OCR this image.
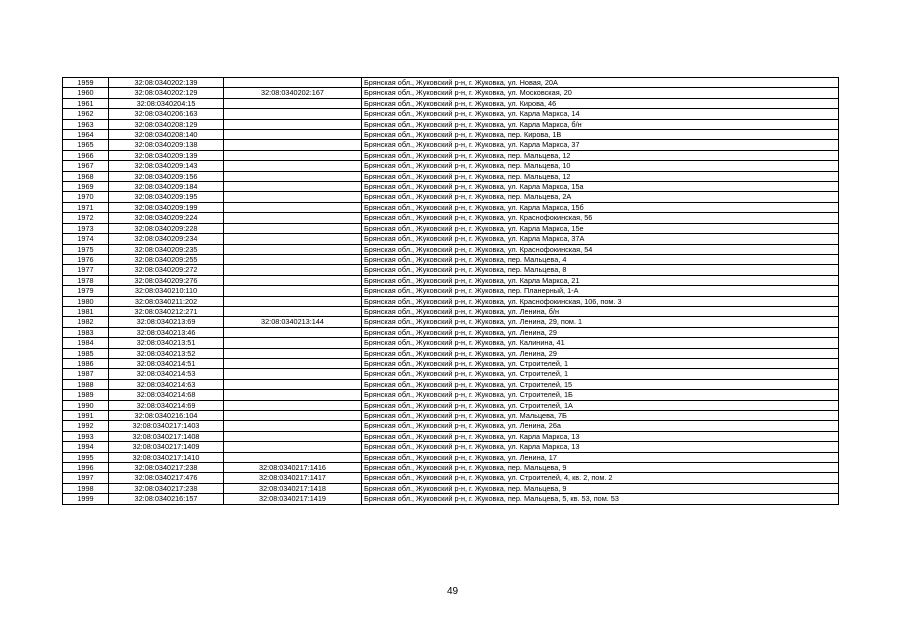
1959	32:08:0340202:139		Брянская обл., Жуковский р-н, г. Жуковка, ул. Новая, 20А
1960	32:08:0340202:129	32:08:0340202:167	Брянская обл., Жуковский р-н, г. Жуковка, ул. Московская, 20
1961	32:08:0340204:15		Брянская обл., Жуковский р-н, г. Жуковка, ул. Кирова, 46
1962	32:08:0340206:163		Брянская обл., Жуковский р-н, г. Жуковка, ул. Карла Маркса, 14
1963	32:08:0340208:129		Брянская обл., Жуковский р-н, г. Жуковка, ул. Карла Маркса, б/н
1964	32:08:0340208:140		Брянская обл., Жуковский р-н, г. Жуковка, пер. Кирова, 1В
1965	32:08:0340209:138		Брянская обл., Жуковский р-н, г. Жуковка, ул. Карла Маркса, 37
1966	32:08:0340209:139		Брянская обл., Жуковский р-н, г. Жуковка, пер. Мальцева, 12
1967	32:08:0340209:143		Брянская обл., Жуковский р-н, г. Жуковка, пер. Мальцева, 10
1968	32:08:0340209:156		Брянская обл., Жуковский р-н, г. Жуковка, пер. Мальцева, 12
1969	32:08:0340209:184		Брянская обл., Жуковский р-н, г. Жуковка, ул. Карла Маркса, 15а
1970	32:08:0340209:195		Брянская обл., Жуковский р-н, г. Жуковка, пер. Мальцева, 2А
1971	32:08:0340209:199		Брянская обл., Жуковский р-н, г. Жуковка, ул. Карла Маркса, 15б
1972	32:08:0340209:224		Брянская обл., Жуковский р-н, г. Жуковка, ул. Краснофокинская, 56
1973	32:08:0340209:228		Брянская обл., Жуковский р-н, г. Жуковка, ул. Карла Маркса, 15е
1974	32:08:0340209:234		Брянская обл., Жуковский р-н, г. Жуковка, ул. Карла Маркса, 37А
1975	32:08:0340209:235		Брянская обл., Жуковский р-н, г. Жуковка, ул. Краснофокинская, 54
1976	32:08:0340209:255		Брянская обл., Жуковский р-н, г. Жуковка, пер. Мальцева, 4
1977	32:08:0340209:272		Брянская обл., Жуковский р-н, г. Жуковка, пер. Мальцева, 8
1978	32:08:0340209:276		Брянская обл., Жуковский р-н, г. Жуковка, ул. Карла Маркса, 21
1979	32:08:0340210:110		Брянская обл., Жуковский р-н, г. Жуковка, пер. Планерный, 1-А
1980	32:08:0340211:202		Брянская обл., Жуковский р-н, г. Жуковка, ул. Краснофокинская, 106, пом. 3
1981	32:08:0340212:271		Брянская обл., Жуковский р-н, г. Жуковка, ул. Ленина, б/н
1982	32:08:0340213:69	32:08:0340213:144	Брянская обл., Жуковский р-н, г. Жуковка, ул. Ленина, 29, пом. 1
1983	32:08:0340213:46		Брянская обл., Жуковский р-н, г. Жуковка, ул. Ленина, 29
1984	32:08:0340213:51		Брянская обл., Жуковский р-н, г. Жуковка, ул. Калинина, 41
1985	32:08:0340213:52		Брянская обл., Жуковский р-н, г. Жуковка, ул. Ленина, 29
1986	32:08:0340214:51		Брянская обл., Жуковский р-н, г. Жуковка, ул. Строителей, 1
1987	32:08:0340214:53		Брянская обл., Жуковский р-н, г. Жуковка, ул. Строителей, 1
1988	32:08:0340214:63		Брянская обл., Жуковский р-н, г. Жуковка, ул. Строителей, 15
1989	32:08:0340214:68		Брянская обл., Жуковский р-н, г. Жуковка, ул. Строителей, 1Б
1990	32:08:0340214:69		Брянская обл., Жуковский р-н, г. Жуковка, ул. Строителей, 1А
1991	32:08:0340216:104		Брянская обл., Жуковский р-н, г. Жуковка, ул. Мальцева, 7Б
1992	32:08:0340217:1403		Брянская обл., Жуковский р-н, г. Жуковка, ул. Ленина, 26а
1993	32:08:0340217:1408		Брянская обл., Жуковский р-н, г. Жуковка, ул. Карла Маркса, 13
1994	32:08:0340217:1409		Брянская обл., Жуковский р-н, г. Жуковка, ул. Карла Маркса, 13
1995	32:08:0340217:1410		Брянская обл., Жуковский р-н, г. Жуковка, ул. Ленина, 17
1996	32:08:0340217:238	32:08:0340217:1416	Брянская обл., Жуковский р-н, г. Жуковка, пер. Мальцева, 9
1997	32:08:0340217:476	32:08:0340217:1417	Брянская обл., Жуковский р-н, г. Жуковка, ул. Строителей, 4, кв. 2, пом. 2
1998	32:08:0340217:238	32:08:0340217:1418	Брянская обл., Жуковский р-н, г. Жуковка, пер. Мальцева, 9
1999	32:08:0340216:157	32:08:0340217:1419	Брянская обл., Жуковский р-н, г. Жуковка, пер. Мальцева, 5, кв. 53, пом. 53
49
